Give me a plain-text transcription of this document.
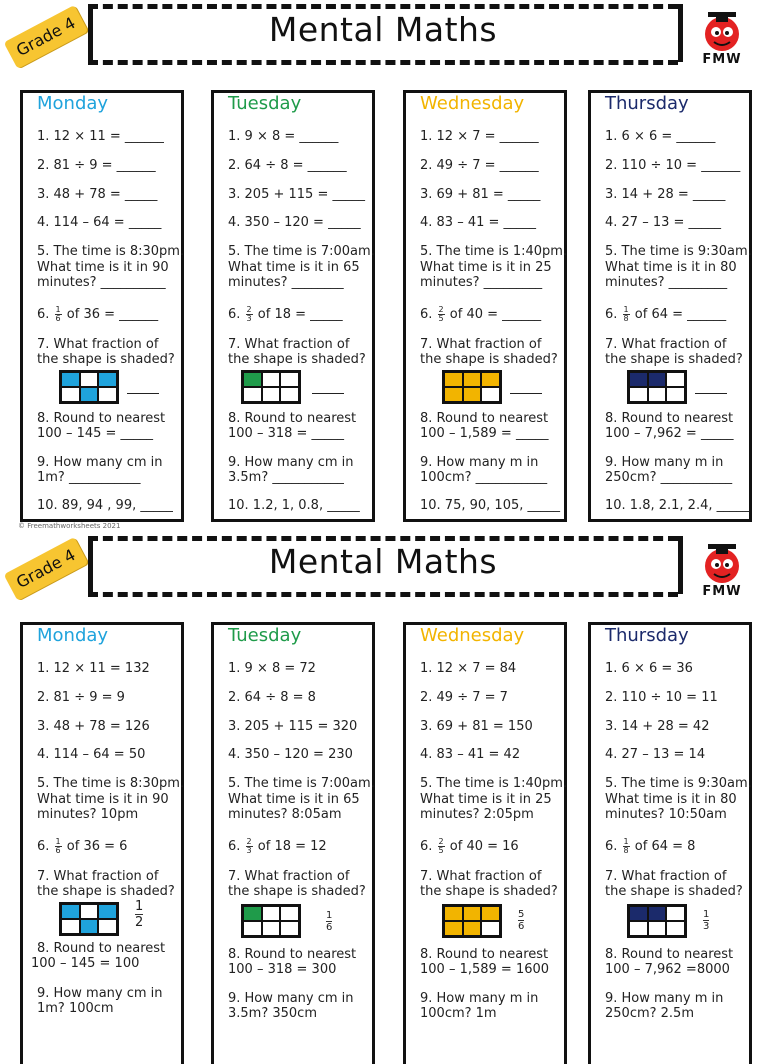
Grade 4	Mental Maths
FMW
Monday
1. 12 × 11 = ______
2. 81 ÷ 9 = ______
3. 48 + 78 = _____
4. 114 – 64 = _____
5. The time is 8:30pm.
What time is it in 90
minutes? __________
6. $\frac{1}{6}$ of 36 = ______
7. What fraction of
the shape is shaded?
8. Round to nearest
100 – 145 = _____
9. How many cm in
1m? ___________
10. 89, 94 , 99, _____
Tuesday
1. 9 × 8 = ______
2. 64 ÷ 8 = ______
3. 205 + 115 = _____
4. 350 – 120 = _____
5. The time is 7:00am.
What time is it in 65
minutes? ________
6. $\frac{2}{3}$ of 18 = _____
7. What fraction of
the shape is shaded?
8. Round to nearest
100 – 318 = _____
9. How many cm in
3.5m? ___________
10. 1.2, 1, 0.8, _____
Wednesday
1. 12 × 7 = ______
2. 49 ÷ 7 = ______
3. 69 + 81 = _____
4. 83 – 41 = _____
5. The time is 1:40pm.
What time is it in 25
minutes? _________
6. $\frac{2}{5}$ of 40 = ______
7. What fraction of
the shape is shaded?
8. Round to nearest
100 – 1,589 = _____
9. How many m in
100cm? ___________
10. 75, 90, 105, _____
Thursday
1. 6 × 6 = ______
2. 110 ÷ 10 = ______
3. 14 + 28 = _____
4. 27 – 13 = _____
5. The time is 9:30am.
What time is it in 80
minutes? _________
6. $\frac{1}{8}$ of 64 = ______
7. What fraction of
the shape is shaded?
8. Round to nearest
100 – 7,962 = _____
9. How many m in
250cm? ___________
10. 1.8, 2.1, 2.4, _____
© Freemathworksheets 2021
Grade 4	Mental Maths
FMW
Monday
1. 12 × 11 = 132
2. 81 ÷ 9 = 9
3. 48 + 78 = 126
4. 114 – 64 = 50
5. The time is 8:30pm.
What time is it in 90
minutes? 10pm
6. $\frac{1}{6}$ of 36 = 6
7. What fraction of
the shape is shaded?
$\frac{1}{2}$
8. Round to nearest
100 – 145 = 100
9. How many cm in
1m? 100cm
Tuesday
1. 9 × 8 = 72
2. 64 ÷ 8 = 8
3. 205 + 115 = 320
4. 350 – 120 = 230
5. The time is 7:00am.
What time is it in 65
minutes? 8:05am
6. $\frac{2}{3}$ of 18 = 12
7. What fraction of
the shape is shaded?
$\frac{1}{6}$
8. Round to nearest
100 – 318 = 300
9. How many cm in
3.5m? 350cm
Wednesday
1. 12 × 7 = 84
2. 49 ÷ 7 = 7
3. 69 + 81 = 150
4. 83 – 41 = 42
5. The time is 1:40pm.
What time is it in 25
minutes? 2:05pm
6. $\frac{2}{5}$ of 40 = 16
7. What fraction of
the shape is shaded?
$\frac{5}{6}$
8. Round to nearest
100 – 1,589 = 1600
9. How many m in
100cm? 1m
Thursday
1. 6 × 6 = 36
2. 110 ÷ 10 = 11
3. 14 + 28 = 42
4. 27 – 13 = 14
5. The time is 9:30am.
What time is it in 80
minutes? 10:50am
6. $\frac{1}{8}$ of 64 = 8
7. What fraction of
the shape is shaded?
$\frac{1}{3}$
8. Round to nearest
100 – 7,962 =8000
9. How many m in
250cm? 2.5m
